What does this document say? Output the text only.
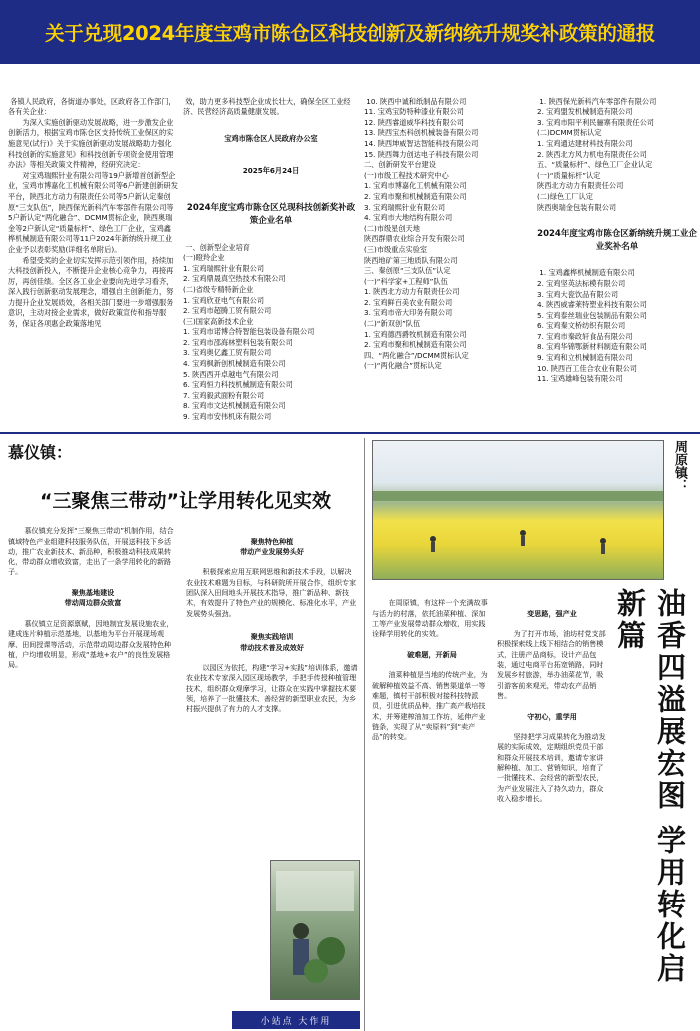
关于兑现2024年度宝鸡市陈仓区科技创新及新纳统升规奖补政策的通报

各镇人民政府，各街道办事处，区政府各工作部门，各有关企业：
　　为深入实施创新驱动发展战略，进一步激发企业创新活力，根据宝鸡市陈仓区支持传统工业保区的实施意见(试行)》关于实施创新驱动发展战略助力强化科技创新的实施意见》和科技创新专项资金使用管理办法》等相关政策文件精神，经研究决定：
　　对宝鸡瑞熙针业有限公司等19户新增首创新型企业，宝鸡市博嘉化工机械有限公司等6户新建创新研发平台，陕西北方动力有限责任公司等5户新认定秦创原“三支队伍”，陕西保光新科汽车零部件有限公司等5户新认定“两化融合”、DCMM贯标企业，陕西奥瑞金等2户新认定“质量标杆”、绿色工厂企业，宝鸡鑫桦机械制造有限公司等11户2024年新纳统升规工业企业予以表彰奖励(详细名单附后)。
　　希望受奖的企业切实发挥示范引领作用，持续加大科技创新投入，不断提升企业核心竞争力，再接再厉，再创佳绩。全区各工业企业要向先进学习看齐，深入践行创新驱动发展理念，增强自主创新能力，努力提升企业发展质效，各相关部门要进一步增强服务意识，主动对接企业需求，做好政策宣传和指导服务，保证各项惠企政策落地见

效，助力更多科技型企业成长壮大，确保全区工业经济、民营经济高质量健康发展。

宝鸡市陈仓区人民政府办公室

2025年6月24日

2024年度宝鸡市陈仓区兑现科技创新奖补政策企业名单

一、创新型企业培育
(一)瞪羚企业
1. 宝鸡瑞熙针业有限公司
2. 宝鸡鼎晟真空热技术有限公司
(二)省级专精特新企业
1. 宝鸡欣亚电气有限公司
2. 宝鸡市超腾工贸有限公司
(三)国家高新技术企业
1. 宝鸡市诺博合特智能包装设备有限公司
2. 宝鸡市邵海林塑料包装有限公司
3. 宝鸡奥亿鑫工贸有限公司
4. 宝鸡枫新创机械制造有限公司
5. 陕西西开卓越电气有限公司
6. 宝鸡恒力科技机械制造有限公司
7. 宝鸡毅武面粉有限公司
8. 宝鸡市文达机械制造有限公司
9. 宝鸡市安伟机床有限公司

10. 陕西中诚和纸制品有限公司
11. 宝鸡宝防特种漆业有限公司
12. 陕西睿道威华科技有限公司
13. 陕西宝杰科创机械装备有限公司
14. 陕西坤威智达智能科技有限公司
15. 陕西舞力创达电子科技有限公司
二、创新研发平台建设
(一)市级工程技术研究中心
1. 宝鸡市博嘉化工机械有限公司
2. 宝鸡市聚和机械制造有限公司
3. 宝鸡瑞熙针业有限公司
4. 宝鸡市大地结构有限公司
(二)市级星创天地
陕西群鼎农业综合开发有限公司
(三)市级重点实验室
陕西地矿第三地质队有限公司
三、秦创原“三支队伍”认定
(一)“科学家+工程师”队伍
1. 陕西北方动力有限责任公司
2. 宝鸡鲜百美农业有限公司
3. 宝鸡市帝大印务有限公司
(二)“新双创”队伍
1. 宝鸡德西爵牧机制造有限公司
2. 宝鸡市聚和机械制造有限公司
四、“两化融合”/DCMM贯标认定
(一)“两化融合”贯标认定

1. 陕西保光新科汽车零部件有限公司
2. 宝鸡盟发机械制造有限公司
3. 宝鸡市阳平利民骊寨有限责任公司
(二)DCMM贯标认定
1. 宝鸡通达建材科技有限公司
2. 陕西北方风力机电有限责任公司
五、“质量标杆”、绿色工厂企业认定
(一)“质量标杆”认定
陕西北方动力有限责任公司
(二)绿色工厂认定
陕西奥瑞金包装有限公司

2024年度宝鸡市陈仓区新纳统升规工业企业奖补名单

1. 宝鸡鑫桦机械制造有限公司
2. 宝鸡坚英法标模有限公司
3. 宝鸡大瓷饮品有限公司
4. 陕西威睿莱特塑业科技有限公司
5. 宝鸡泰丝瑞业包装制品有限公司
6. 宝鸡秦文桥纺织有限公司
7. 宝鸡市秦政轩食品有限公司
8. 宝鸡华锦鄂新材料制造有限公司
9. 宝鸡和立机械制造有限公司
10. 陕西百工佳合农业有限公司
11. 宝鸡雄峰包装有限公司

慕仪镇：
“三聚焦三带动”让学用转化见实效

　　慕仪镇充分发挥“三聚焦三带动”机制作用，结合镇域特色产业组建科技服务队伍，开展送科技下乡活动，推广农业新技术、新品种，积极推动科技成果转化，带动群众增收致富，走出了一条学用转化的新路子。

聚焦基地建设
带动周边群众致富

　　慕仪镇立足资源禀赋，因地制宜发展设施农业，建成连片种植示范基地，以基地为平台开展现场观摩、田间授课等活动，示范带动周边群众发展特色种植，户均增收明显，形成“基地+农户”的良性发展格局。

聚焦特色种植
带动产业发展势头好

　　积极探索应用互联网思维和新技术手段，以解决农业技术难题为目标，与科研院所开展合作，组织专家团队深入田间地头开展技术指导，推广新品种、新技术，有效提升了特色产业的规模化、标准化水平，产业发展势头强劲。

聚焦实践培训
带动技术普及成效好

　　以园区为依托，构建“学习+实践”培训体系，邀请农业技术专家深入园区现场教学，手把手传授种植管理技术，组织群众观摩学习，让群众在实践中掌握技术要领，培养了一批懂技术、善经营的新型职业农民，为乡村振兴提供了有力的人才支撑。

小站点 大作用
周原镇：
油香四溢展宏图 学用转化启新篇

　　在周原镇，有这样一个充满故事与活力的村落，依托油菜种植、深加工等产业发展带动群众增收，用实践诠释学用转化的实效。

破难题，开新局

　　油菜种植是当地的传统产业，为破解种植效益不高、销售渠道单一等难题，镇村干部积极对接科技特派员，引进优质品种，推广高产栽培技术，并筹建榨油加工作坊，延伸产业链条，实现了从“卖原料”到“卖产品”的转变。

变思路，强产业

　　为了打开市场，油坊村党支部积极探索线上线下相结合的销售模式，注册产品商标，设计产品包装，通过电商平台拓宽销路，同时发展乡村旅游，举办油菜花节，吸引游客前来观光，带动农产品销售。

守初心，重学用

　　坚持把学习成果转化为推动发展的实际成效，定期组织党员干部和群众开展技术培训，邀请专家讲解种植、加工、营销知识，培育了一批懂技术、会经营的新型农民，为产业发展注入了持久动力，群众收入稳步增长。
